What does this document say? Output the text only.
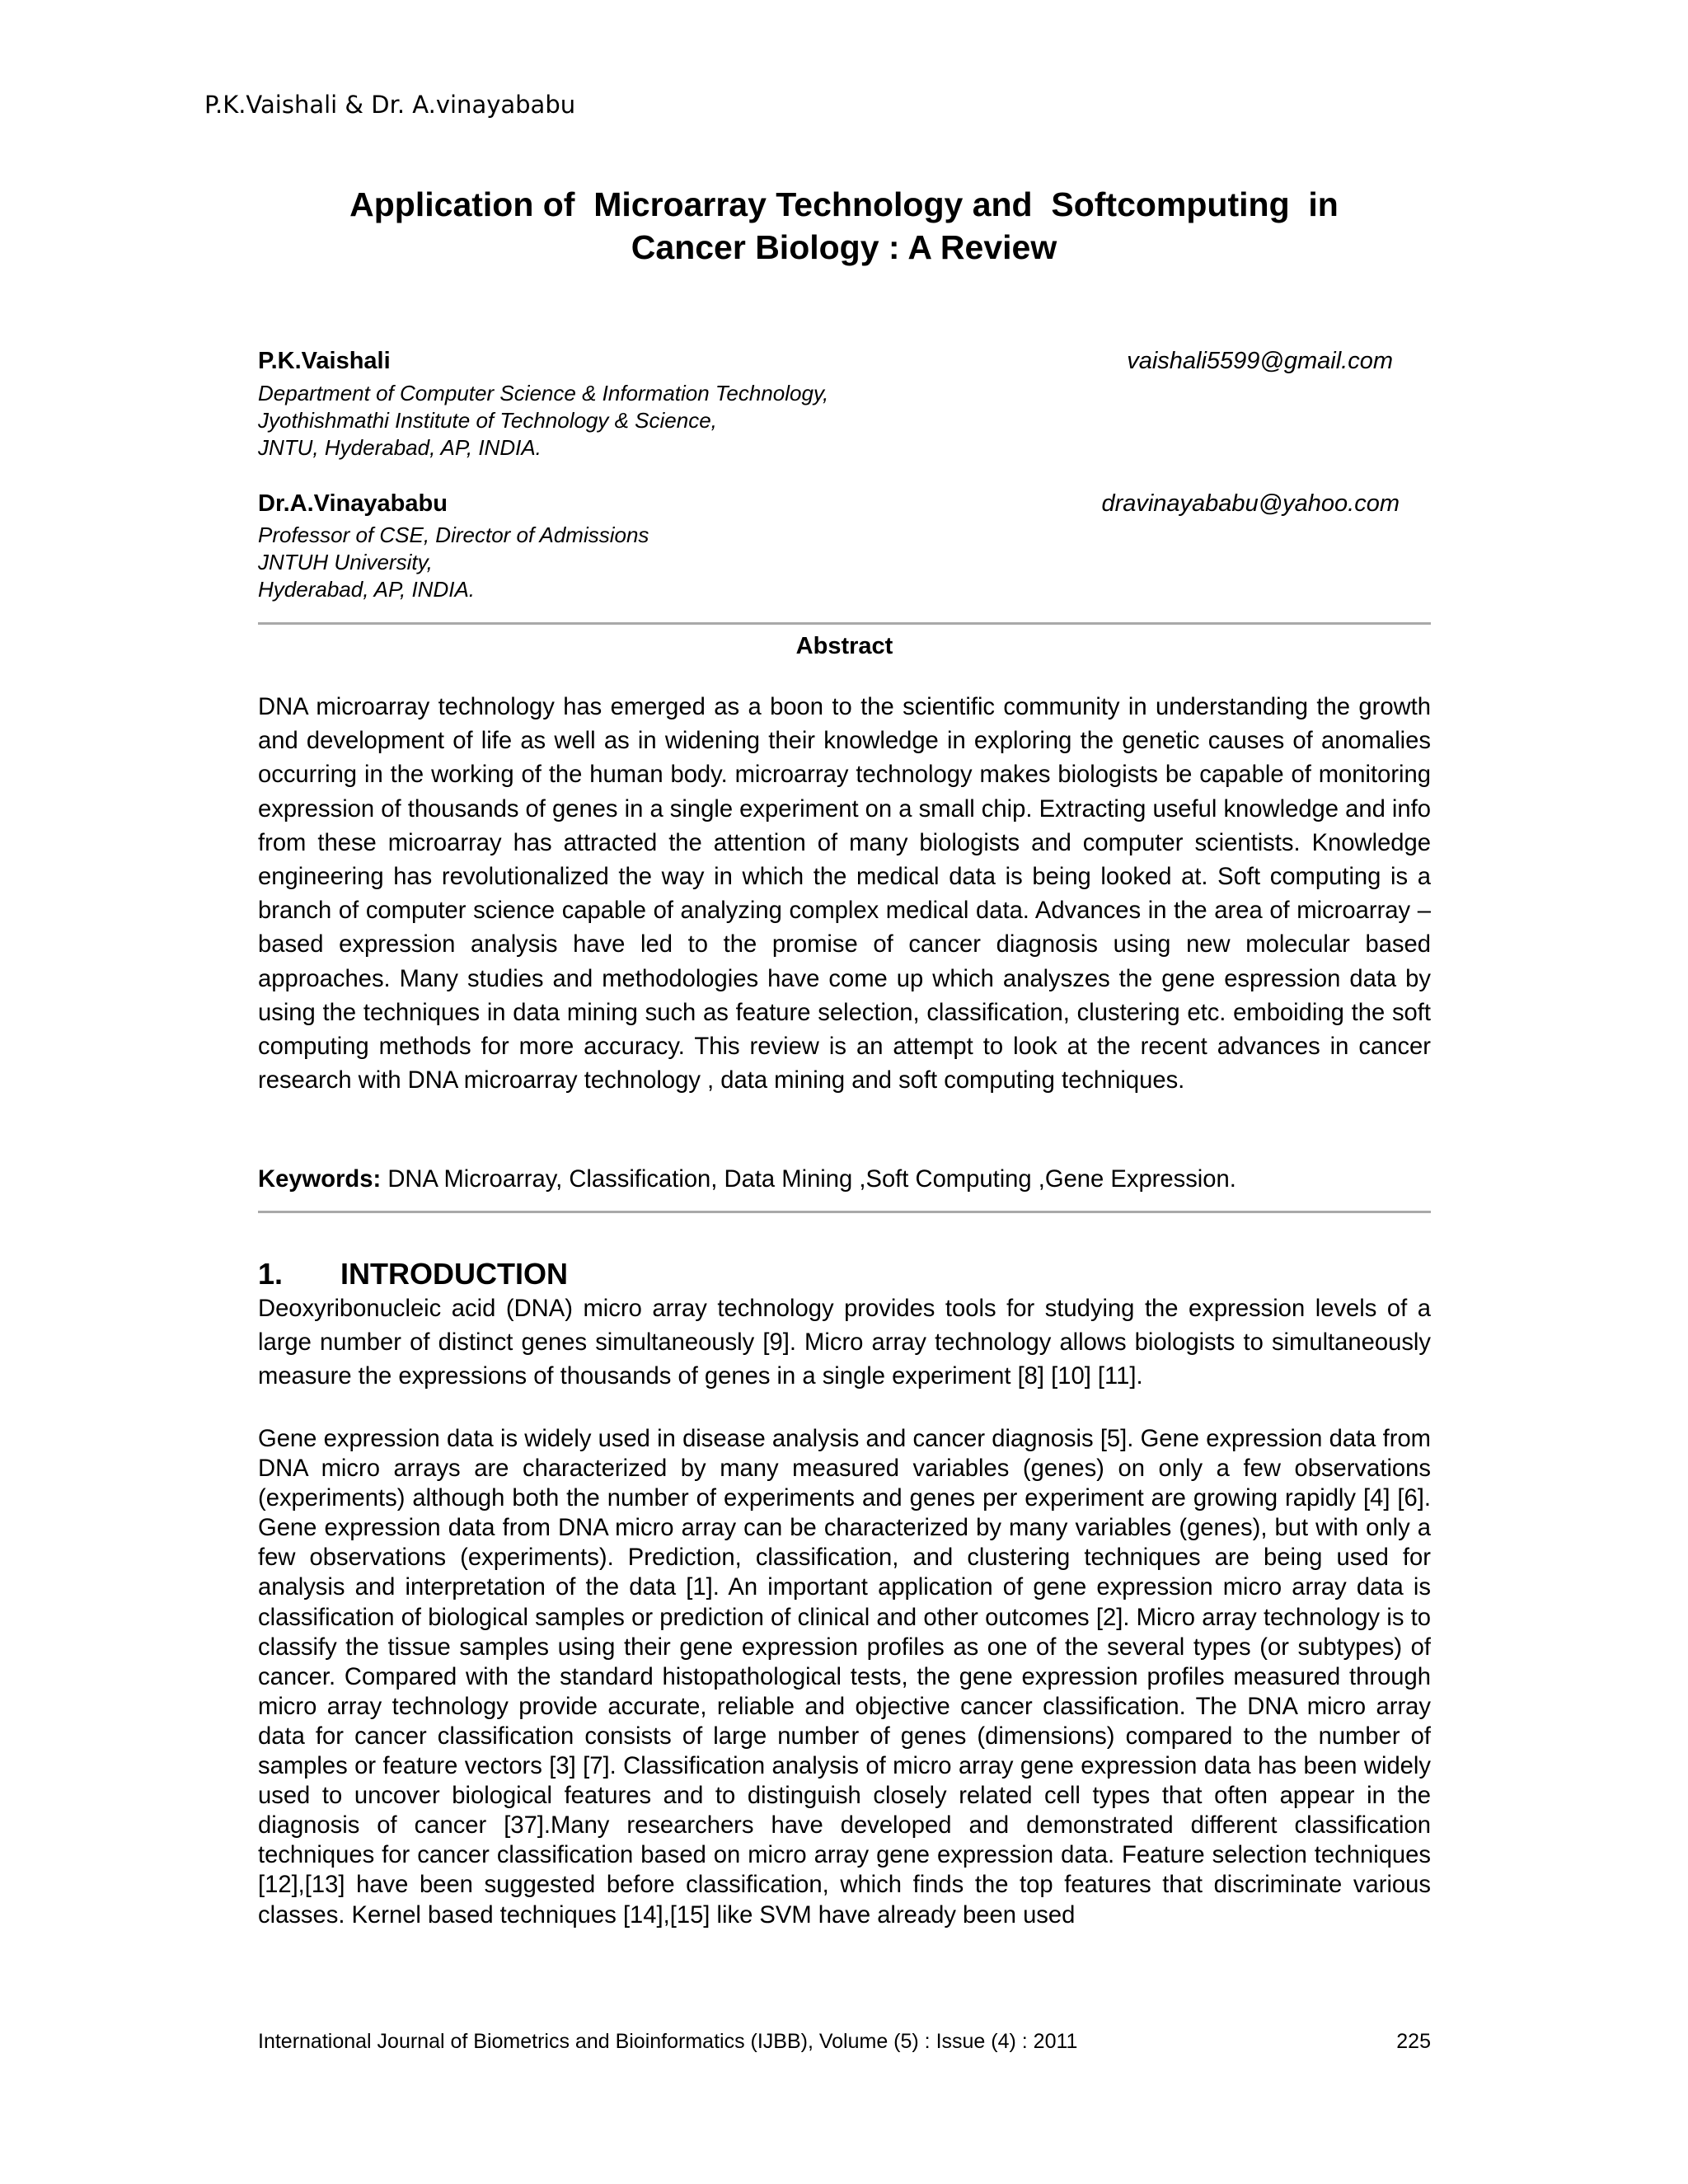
P.K.Vaishali & Dr. A.vinayababu
Application of  Microarray Technology and  Softcomputing  in
Cancer Biology : A Review
P.K.Vaishali	vaishali5599@gmail.com
Department of Computer Science & Information Technology,
Jyothishmathi Institute of Technology & Science,
JNTU, Hyderabad, AP, INDIA.
Dr.A.Vinayababu	dravinayababu@yahoo.com
Professor of CSE, Director of Admissions
JNTUH University,
Hyderabad, AP, INDIA.
Abstract
DNA microarray technology has emerged as a boon to the scientific community in understanding the growth and development of life as well as in widening their knowledge in exploring the genetic causes of anomalies occurring in the working of the human body. microarray technology makes biologists be capable of monitoring expression of thousands of genes in a single experiment on a small chip. Extracting useful knowledge and info from these microarray has attracted the attention of many biologists and computer scientists. Knowledge engineering has revolutionalized the way in which the medical data is being looked at. Soft computing is a branch of computer science capable of analyzing complex medical data. Advances in the area of microarray –based expression analysis have led to the promise of cancer diagnosis using new molecular based approaches. Many studies and methodologies have come up which analyszes the gene espression data by using the techniques in data mining such as feature selection, classification, clustering etc. emboiding the soft computing methods for more accuracy. This review is an attempt to look at the recent advances in cancer research with DNA microarray technology , data mining and soft computing techniques.
Keywords: DNA Microarray, Classification, Data Mining ,Soft Computing ,Gene Expression.
1. INTRODUCTION
Deoxyribonucleic acid (DNA) micro array technology provides tools for studying the expression levels of a large number of distinct genes simultaneously [9]. Micro array technology allows biologists to simultaneously measure the expressions of thousands of genes in a single experiment [8] [10] [11].
Gene expression data is widely used in disease analysis and cancer diagnosis [5]. Gene expression data from DNA micro arrays are characterized by many measured variables (genes) on only a few observations (experiments) although both the number of experiments and genes per experiment are growing rapidly [4] [6]. Gene expression data from DNA micro array can be characterized by many variables (genes), but with only a few observations (experiments). Prediction, classification, and clustering techniques are being used for analysis and interpretation of the data [1]. An important application of gene expression micro array data is classification of biological samples or prediction of clinical and other outcomes [2]. Micro array technology is to classify the tissue samples using their gene expression profiles as one of the several types (or subtypes) of cancer. Compared with the standard histopathological tests, the gene expression profiles measured through micro array technology provide accurate, reliable and objective cancer classification. The DNA micro array data for cancer classification consists of large number of genes (dimensions) compared to the number of samples or feature vectors [3] [7]. Classification analysis of micro array gene expression data has been widely used to uncover biological features and to distinguish closely related cell types that often appear in the diagnosis of cancer [37].Many researchers have developed and demonstrated different classification techniques for cancer classification based on micro array gene expression data. Feature selection techniques [12],[13] have been suggested before classification, which finds the top features that discriminate various classes. Kernel based techniques [14],[15] like SVM have already been used
International Journal of Biometrics and Bioinformatics (IJBB), Volume (5) : Issue (4) : 2011	225
